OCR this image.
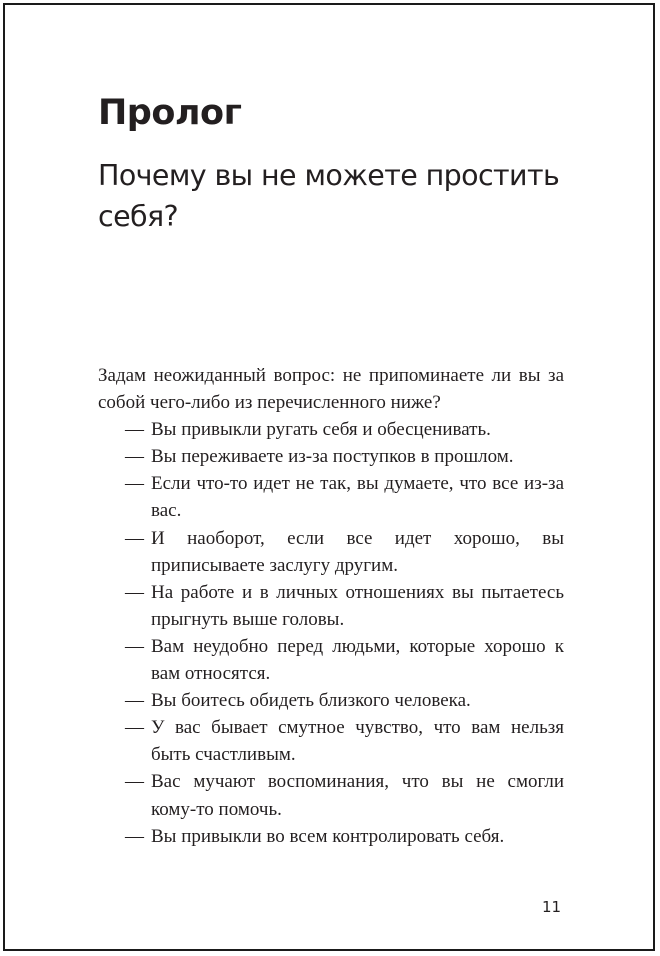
Пролог
Почему вы не можете простить себя?

Задам неожиданный вопрос: не припоминаете ли вы за собой чего-либо из перечисленного ниже?

— Вы привыкли ругать себя и обесценивать.
— Вы переживаете из-за поступков в прошлом.
— Если что-то идет не так, вы думаете, что все из-за вас.
— И наоборот, если все идет хорошо, вы приписываете заслугу другим.
— На работе и в личных отношениях вы пытаетесь прыгнуть выше головы.
— Вам неудобно перед людьми, которые хорошо к вам относятся.
— Вы боитесь обидеть близкого человека.
— У вас бывает смутное чувство, что вам нельзя быть счастливым.
— Вас мучают воспоминания, что вы не смогли кому-то помочь.
— Вы привыкли во всем контролировать себя.
11
